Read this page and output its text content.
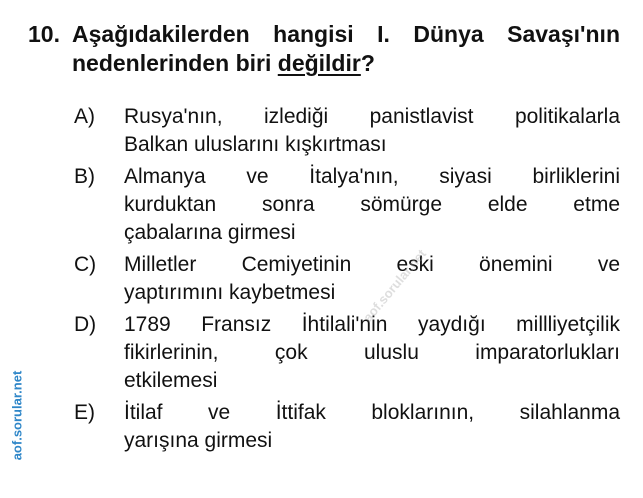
10. Aşağıdakilerden hangisi I. Dünya Savaşı'nın
nedenlerinden biri değildir?
A)	Rusya'nın, izlediği panistlavist politikalarla
Balkan uluslarını kışkırtması
B)	Almanya ve İtalya'nın, siyasi birliklerini
kurduktan sonra sömürge elde etme
çabalarına girmesi
C)	Milletler Cemiyetinin eski önemini ve
yaptırımını kaybetmesi
D)	1789 Fransız İhtilali'nin yaydığı millliyetçilik
fikirlerinin, çok uluslu imparatorlukları
etkilemesi
E)	İtilaf ve İttifak bloklarının, silahlanma
yarışına girmesi
aof.sorular.net
aof.sorular.net
